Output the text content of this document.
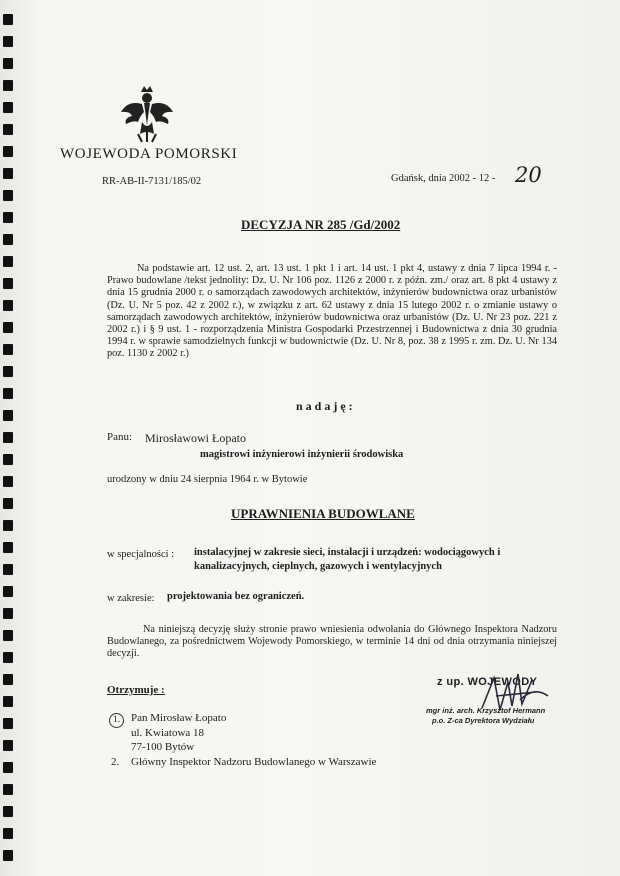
WOJEWODA POMORSKI
RR-AB-II-7131/185/02	Gdańsk, dnia 2002 - 12 - 20
DECYZJA NR 285 /Gd/2002
Na podstawie art. 12 ust. 2, art. 13 ust. 1 pkt 1 i art. 14 ust. 1 pkt 4, ustawy z dnia 7 lipca 1994 r. - Prawo budowlane /tekst jednolity: Dz. U. Nr 106 poz. 1126 z 2000 r. z późn. zm./ oraz art. 8 pkt 4 ustawy z dnia 15 grudnia 2000 r. o samorządach zawodowych architektów, inżynierów budownictwa oraz urbanistów (Dz. U. Nr 5 poz. 42 z 2002 r.), w związku z art. 62 ustawy z dnia 15 lutego 2002 r. o zmianie ustawy o samorządach zawodowych architektów, inżynierów budownictwa oraz urbanistów (Dz. U. Nr 23 poz. 221 z 2002 r.) i § 9 ust. 1 - rozporządzenia Ministra Gospodarki Przestrzennej i Budownictwa z dnia 30 grudnia 1994 r. w sprawie samodzielnych funkcji w budownictwie (Dz. U. Nr 8, poz. 38 z 1995 r. zm. Dz. U. Nr 134 poz. 1130 z 2002 r.)
n a d a j ę :
Panu: Mirosławowi Łopato
magistrowi inżynierowi inżynierii środowiska
urodzony w dniu 24 sierpnia 1964 r. w Bytowie
UPRAWNIENIA BUDOWLANE
w specjalności : instalacyjnej w zakresie sieci, instalacji i urządzeń: wodociągowych i
kanalizacyjnych, cieplnych, gazowych i wentylacyjnych
w zakresie: projektowania bez ograniczeń.
Na niniejszą decyzję służy stronie prawo wniesienia odwołania do Głównego Inspektora Nadzoru Budowlanego, za pośrednictwem Wojewody Pomorskiego, w terminie 14 dni od dnia otrzymania niniejszej decyzji.
z up. WOJEWODY
mgr inż. arch. Krzysztof Hermann
p.o. Z-ca Dyrektora Wydziału
Otrzymuje :
1. Pan Mirosław Łopato
ul. Kwiatowa 18
77-100 Bytów
2. Główny Inspektor Nadzoru Budowlanego w Warszawie
